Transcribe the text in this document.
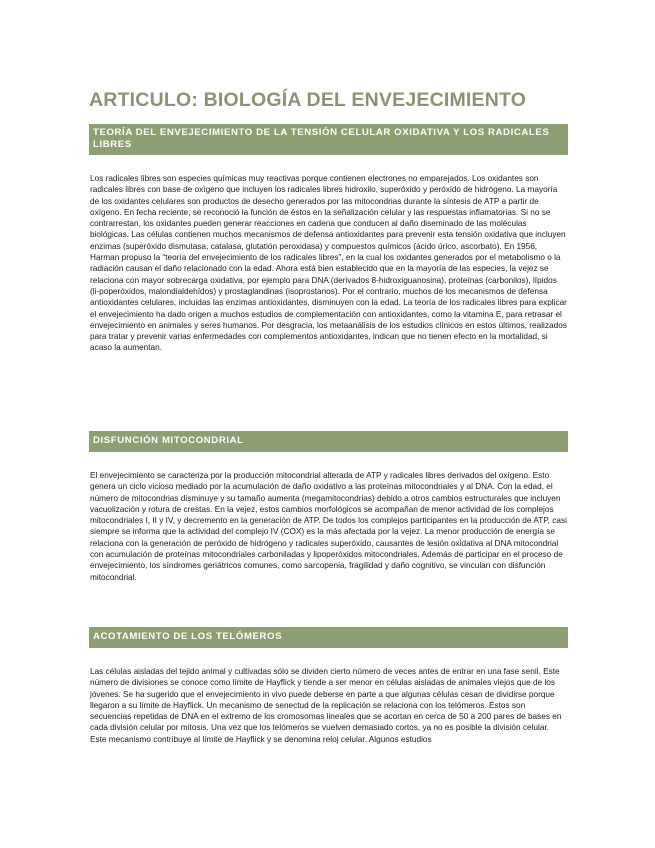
ARTICULO: BIOLOGÍA DEL ENVEJECIMIENTO
TEORÍA DEL ENVEJECIMIENTO DE LA TENSIÓN CELULAR OXIDATIVA Y LOS RADICALES LIBRES

Los radicales libres son especies químicas muy reactivas porque contienen electrones no emparejados. Los oxidantes son radicales libres con base de oxígeno que incluyen los radicales libres hidroxilo, superóxido y peróxido de hidrógeno. La mayoría de los oxidantes celulares son productos de desecho generados por las mitocondrias durante la síntesis de ATP a partir de oxígeno. En fecha reciente, se reconoció la función de éstos en la señalización celular y las respuestas inflamatorias. Si no se contrarrestan, los oxidantes pueden generar reacciones en cadena que conducen al daño diseminado de las moléculas biológicas. Las células contienen muchos mecanismos de defensa antioxidantes para prevenir esta tensión oxidativa que incluyen enzimas (superóxido dismutasa, catalasa, glutatión peroxidasa) y compuestos químicos (ácido úrico, ascorbato). En 1956, Harman propuso la “teoría del envejecimiento de los radicales libres”, en la cual los oxidantes generados por el metabolismo o la radiación causan el daño relacionado con la edad. Ahora está bien establecido que en la mayoría de las especies, la vejez se relaciona con mayor sobrecarga oxidativa, por ejemplo para DNA (derivados 8-hidroxiguanosina), proteínas (carbonilos), lípidos (li-poperóxidos, malondialdehídos) y prostaglandinas (isoprostanos). Por el contrario, muchos de los mecanismos de defensa antioxidantes celulares, incluidas las enzimas antioxidantes, disminuyen con la edad. La teoría de los radicales libres para explicar el envejecimiento ha dado origen a muchos estudios de complementación con antioxidantes, como la vitamina E, para retrasar el envejecimiento en animales y seres humanos. Por desgracia, los metaanálisis de los estudios clínicos en estos últimos, realizados para tratar y prevenir varias enfermedades con complementos antioxidantes, indican que no tienen efecto en la mortalidad, si acaso la aumentan.

DISFUNCIÓN MITOCONDRIAL

El envejecimiento se caracteriza por la producción mitocondrial alterada de ATP y radicales libres derivados del oxígeno. Esto genera un ciclo vicioso mediado por la acumulación de daño oxidativo a las proteínas mitocondriales y al DNA. Con la edad, el número de mitocondrias disminuye y su tamaño aumenta (megamitocondrias) debido a otros cambios estructurales que incluyen vacuolización y rotura de crestas. En la vejez, estos cambios morfológicos se acompañan de menor actividad de los complejos mitocondriales I, II y IV, y decremento en la generación de ATP. De todos los complejos participantes en la producción de ATP, casi siempre se informa que la actividad del complejo IV (COX) es la más afectada por la vejez. La menor producción de energía se relaciona con la generación de peróxido de hidrógeno y radicales superóxido, causantes de lesión oxidativa al DNA mitocondrial con acumulación de proteínas mitocondriales carboniladas y lipoperóxidos mitocondriales. Además de participar en el proceso de envejecimiento, los síndromes geriátricos comunes, como sarcopenia, fragilidad y daño cognitivo, se vinculan con disfunción mitocondrial.

ACOTAMIENTO DE LOS TELÓMEROS

Las células aisladas del tejido animal y cultivadas sólo se dividen cierto número de veces antes de entrar en una fase senil. Este número de divisiones se conoce como límite de Hayflick y tiende a ser menor en células aisladas de animales viejos que de los jóvenes. Se ha sugerido que el envejecimiento in vivo puede deberse en parte a que algunas células cesan de dividirse porque llegaron a su límite de Hayflick. Un mecanismo de senectud de la replicación se relaciona con los telómeros. Éstos son secuencias repetidas de DNA en el extremo de los cromosomas lineales que se acortan en cerca de 50 a 200 pares de bases en cada división celular por mitosis. Una vez que los telómeros se vuelven demasiado cortos, ya no es posible la división celular. Este mecanismo contribuye al límite de Hayflick y se denomina reloj celular. Algunos estudios
